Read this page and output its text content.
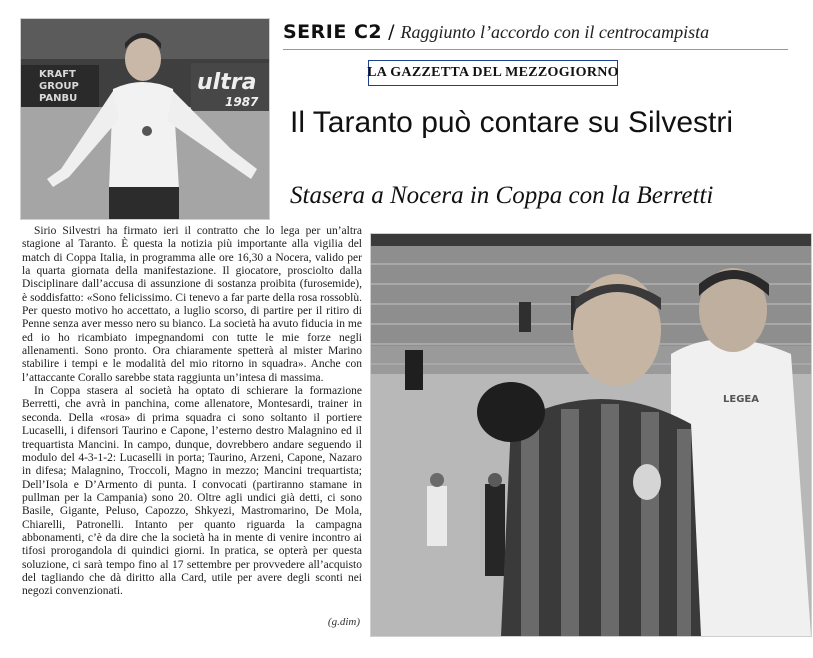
KRAFT
GROUP
PANBU
ultra
1987
SERIE C2 / Raggiunto l’accordo con il centrocampista
LA GAZZETTA DEL MEZZOGIORNO
Il Taranto può contare su Silvestri
Stasera a Nocera in Coppa con la Berretti

Sirio Silvestri ha firmato ieri il contratto che lo lega per un’altra stagione al Taranto. È questa la notizia più importante alla vigilia del match di Coppa Italia, in programma alle ore 16,30 a Nocera, valido per la quarta giornata della manifestazione. Il giocatore, prosciolto dalla Disciplinare dall’accusa di assunzione di sostanza proibita (furosemide), è soddisfatto: «Sono felicissimo. Ci tenevo a far parte della rosa rossoblù. Per questo motivo ho accettato, a luglio scorso, di partire per il ritiro di Penne senza aver messo nero su bianco. La società ha avuto fiducia in me ed io ho ricambiato impegnandomi con tutte le mie forze negli allenamenti. Sono pronto. Ora chiaramente spetterà al mister Marino stabilire i tempi e le modalità del mio ritorno in squadra». Anche con l’attaccante Corallo sarebbe stata raggiunta un’intesa di massima.

In Coppa stasera al società ha optato di schierare la formazione Berretti, che avrà in panchina, come allenatore, Montesardi, trainer in seconda. Della «rosa» di prima squadra ci sono soltanto il portiere Lucaselli, i difensori Taurino e Capone, l’esterno destro Malagnino ed il trequartista Mancini. In campo, dunque, dovrebbero andare seguendo il modulo del 4-3-1-2: Lucaselli in porta; Taurino, Arzeni, Capone, Nazaro in difesa; Malagnino, Troccoli, Magno in mezzo; Mancini trequartista; Dell’Isola e D’Armento di punta. I convocati (partiranno stamane in pullman per la Campania) sono 20. Oltre agli undici già detti, ci sono Basile, Gigante, Peluso, Capozzo, Shkyezi, Mastromarino, De Mola, Chiarelli, Patronelli. Intanto per quanto riguarda la campagna abbonamenti, c’è da dire che la società ha in mente di venire incontro ai tifosi prorogandola di quindici giorni. In pratica, se opterà per questa soluzione, ci sarà tempo fino al 17 settembre per provvedere all’acquisto del tagliando che dà diritto alla Card, utile per avere degli sconti nei negozi convenzionati.

(g.dim)
LEGEA
